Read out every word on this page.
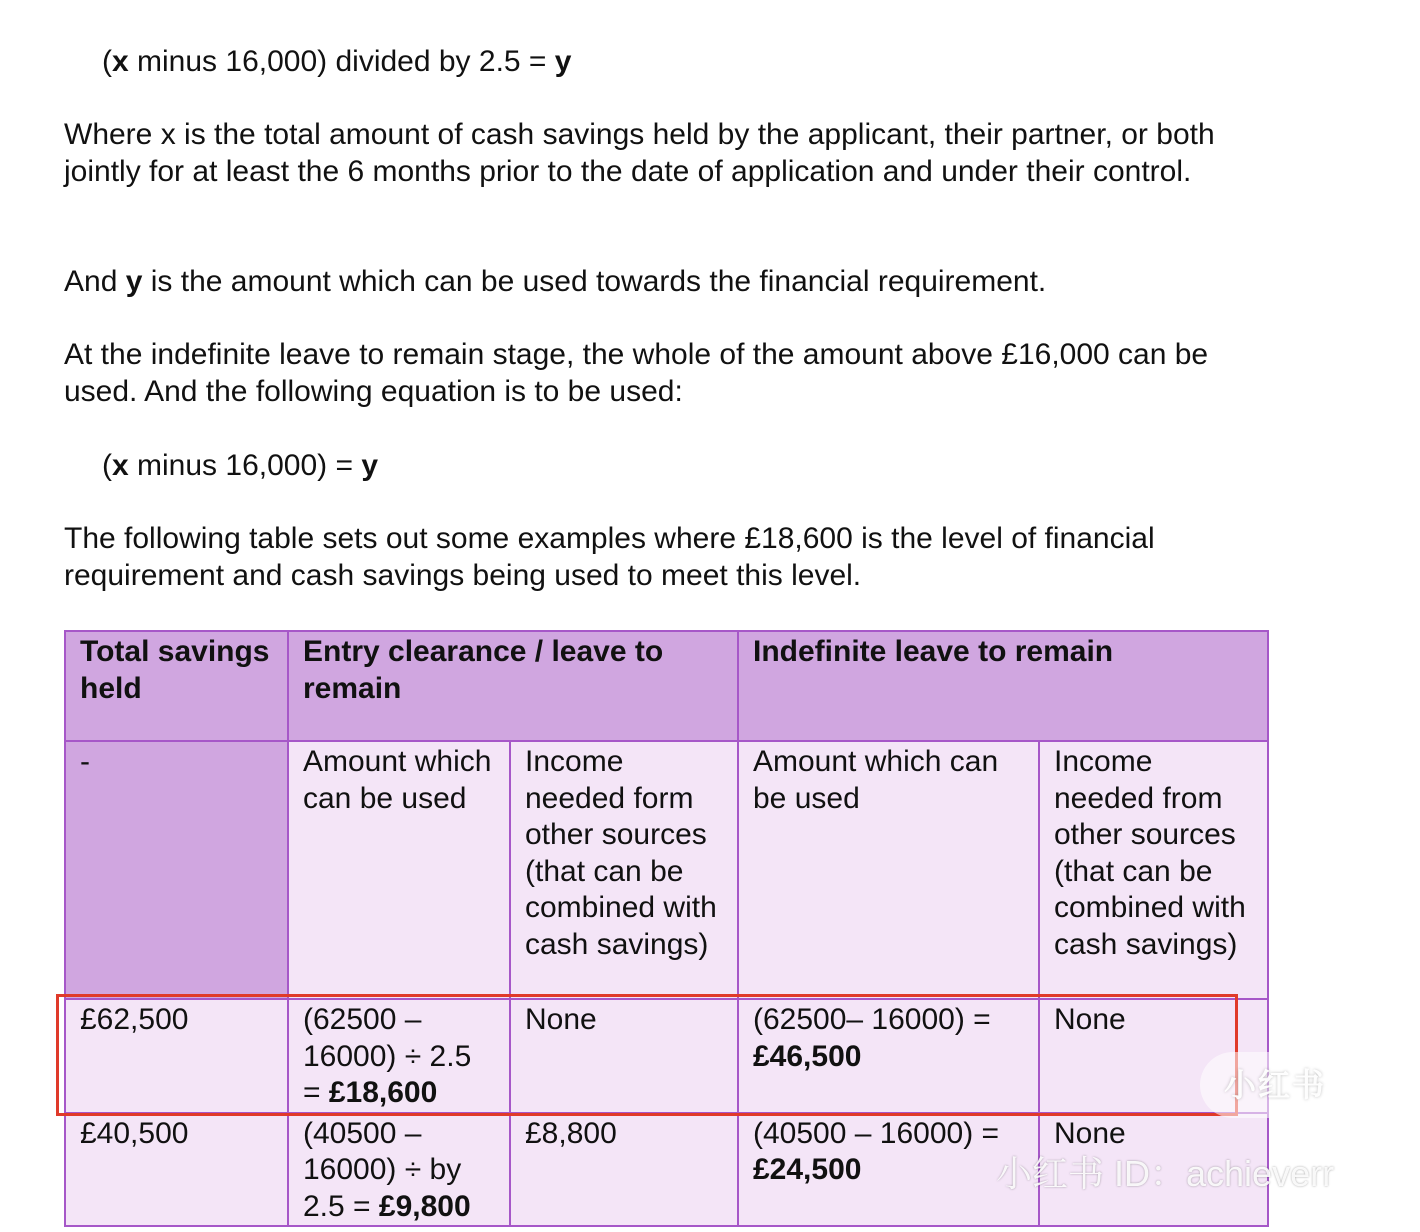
(x minus 16,000) divided by 2.5 = y

Where x is the total amount of cash savings held by the applicant, their partner, or both jointly for at least the 6 months prior to the date of application and under their control.

And y is the amount which can be used towards the financial requirement.

At the indefinite leave to remain stage, the whole of the amount above £16,000 can be used. And the following equation is to be used:

(x minus 16,000) = y

The following table sets out some examples where £18,600 is the level of financial requirement and cash savings being used to meet this level.

Total savings held	Entry clearance / leave to remain		Indefinite leave to remain	
-	Amount which can be used	Income needed form other sources (that can be combined with cash savings)	Amount which can be used	Income needed from other sources (that can be combined with cash savings)
£62,500	(62500 – 16000) ÷ 2.5 = £18,600	None	(62500– 16000) = £46,500	None
£40,500	(40500 – 16000) ÷ by 2.5 = £9,800	£8,800	(40500 – 16000) = £24,500	None
小红书
小红书 ID：achieverr
